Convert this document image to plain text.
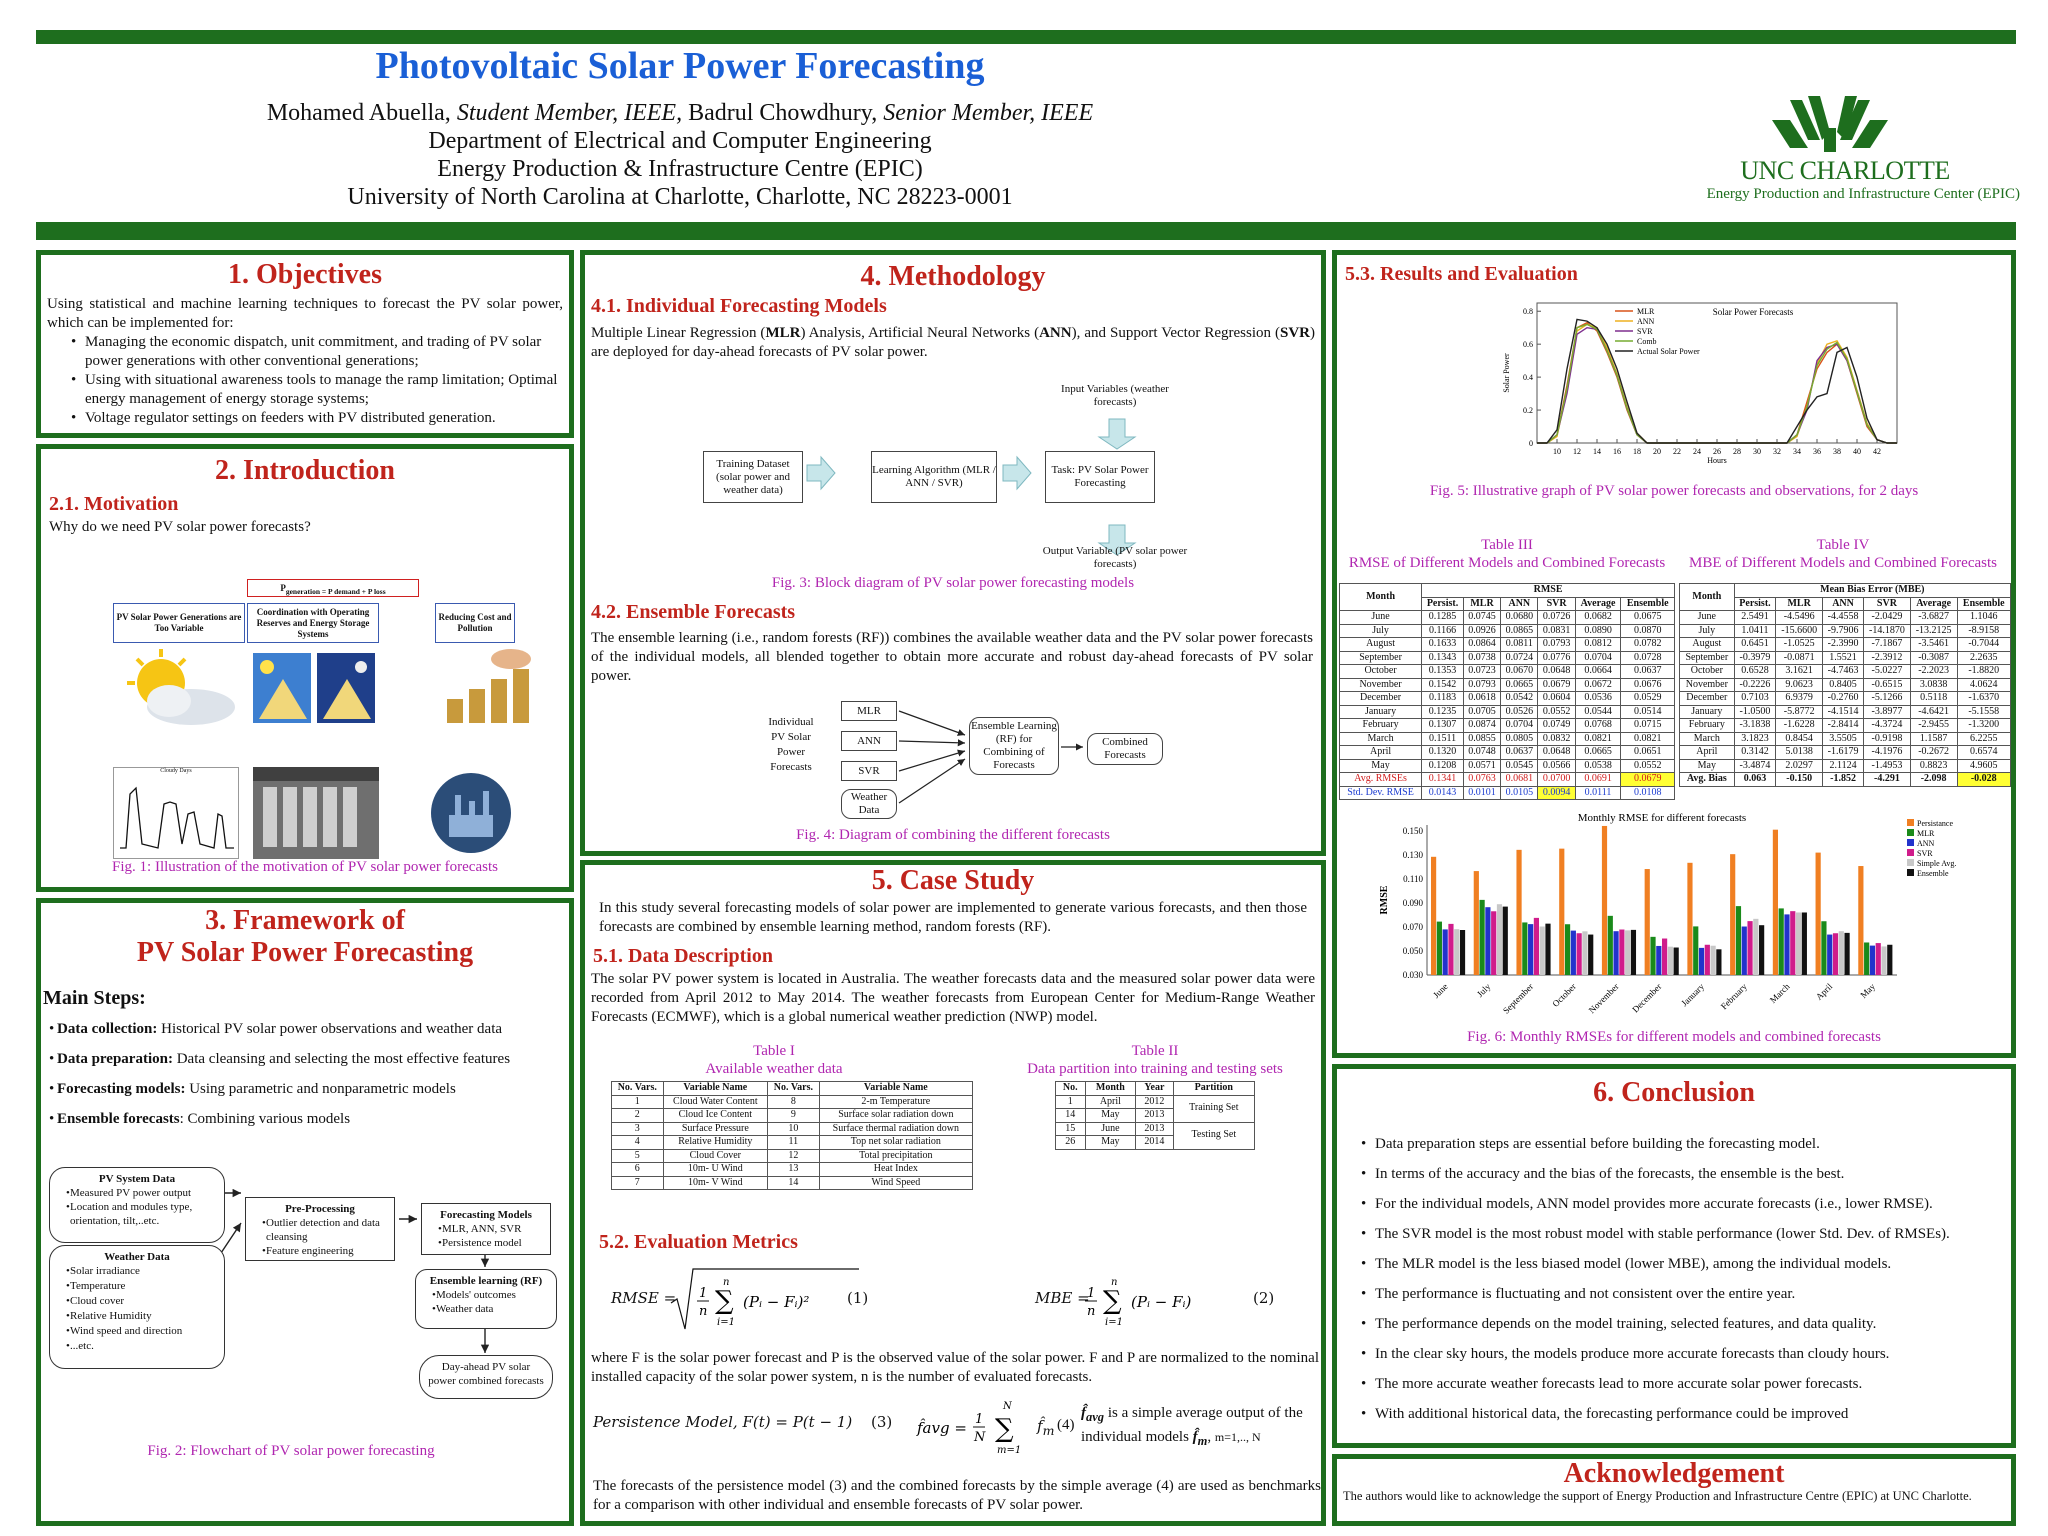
Photovoltaic Solar Power Forecasting
Mohamed Abuella, Student Member, IEEE, Badrul Chowdhury, Senior Member, IEEE
Department of Electrical and Computer Engineering
Energy Production & Infrastructure Centre (EPIC)
University of North Carolina at Charlotte, Charlotte, NC 28223-0001
UNC CHARLOTTE
Energy Production and Infrastructure Center (EPIC)
1. Objectives
Using statistical and machine learning techniques to forecast the PV solar power, which can be implemented for:
• Managing the economic dispatch, unit commitment, and trading of PV solar power generations with other conventional generations;
• Using with situational awareness tools to manage the ramp limitation; Optimal energy management of energy storage systems;
• Voltage regulator settings on feeders with PV distributed generation.
2. Introduction
2.1. Motivation
Why do we need PV solar power forecasts?
$P_{generation = P demand + P loss}$
PV Solar Power Generations are Too Variable
Coordination with Operating Reserves and Energy Storage Systems
Reducing Cost and Pollution
Cloudy Days
Fig. 1: Illustration of the motivation of PV solar power forecasts
3. Framework of
PV Solar Power Forecasting
Main Steps:
• Data collection: Historical PV solar power observations and weather data
• Data preparation: Data cleansing and selecting the most effective features
• Forecasting models: Using parametric and nonparametric models
• Ensemble forecasts: Combining various models
PV System Data
• Measured PV power output
• Location and modules type, orientation, tilt,..etc.
Weather Data
• Solar irradiance
• Temperature
• Cloud cover
• Relative Humidity
• Wind speed and direction
• ...etc.
Pre-Processing
• Outlier detection and data cleansing
• Feature engineering
Forecasting Models
• MLR, ANN, SVR
• Persistence model
Ensemble learning (RF)
• Models' outcomes
• Weather data
Day-ahead PV solar power combined forecasts
Fig. 2: Flowchart of PV solar power forecasting
4. Methodology
4.1. Individual Forecasting Models
Multiple Linear Regression (MLR) Analysis, Artificial Neural Networks (ANN), and Support Vector Regression (SVR) are deployed for day-ahead forecasts of PV solar power.
Input Variables (weather forecasts)
Training Dataset (solar power and weather data)
Learning Algorithm (MLR / ANN / SVR)
Task: PV Solar Power Forecasting
Output Variable (PV solar power forecasts)
Fig. 3: Block diagram of PV solar power forecasting models
4.2. Ensemble Forecasts
The ensemble learning (i.e., random forests (RF)) combines the available weather data and the PV solar power forecasts of the individual models, all blended together to obtain more accurate and robust day-ahead forecasts of PV solar power.
Individual PV Solar Power Forecasts
MLR
ANN
SVR
Weather Data
Ensemble Learning (RF) for Combining of Forecasts
Combined Forecasts
Fig. 4: Diagram of combining the different forecasts
5. Case Study
In this study several forecasting models of solar power are implemented to generate various forecasts, and then those forecasts are combined by ensemble learning method, random forests (RF).
5.1. Data Description
The solar PV power system is located in Australia. The weather forecasts data and the measured solar power data were recorded from April 2012 to May 2014. The weather forecasts from European Center for Medium-Range Weather Forecasts (ECMWF), which is a global numerical weather prediction (NWP) model.
Table I
Available weather data
No. Vars.	Variable Name	No. Vars.	Variable Name
1	Cloud Water Content	8	2-m Temperature
2	Cloud Ice Content	9	Surface solar radiation down
3	Surface Pressure	10	Surface thermal radiation down
4	Relative Humidity	11	Top net solar radiation
5	Cloud Cover	12	Total precipitation
6	10m- U Wind	13	Heat Index
7	10m- V Wind	14	Wind Speed
Table II
Data partition into training and testing sets
No.	Month	Year	Partition
1	April	2012	Training Set
14	May	2013	
15	June	2013	Testing Set
26	May	2014	
5.2. Evaluation Metrics
RMSE = 1
n
n
∑
i=1
(Pᵢ − Fᵢ)²	(1)	MBE =
1
n
n
∑
i=1
(Pᵢ − Fᵢ)	(2)
where F is the solar power forecast and P is the observed value of the solar power. F and P are normalized to the nominal installed capacity of the solar power system, n is the number of evaluated forecasts.
Persistence Model, F(t) = P(t − 1) (3) f̂avg = 1
N
N
∑
m=1
$f̂_m$ (4)
$f̂_{avg}$ is a simple average output of the individual models $f̂_m$, m=1,.., N
The forecasts of the persistence model (3) and the combined forecasts by the simple average (4) are used as benchmarks for a comparison with other individual and ensemble forecasts of PV solar power.
5.3. Results and Evaluation
0
0.2
0.4
0.6
0.8
10 12 14 16 18 20 22 24 26 28 30 32 34 36 38 40 42
Hours
Solar Power
Solar Power Forecasts
MLR
ANN
SVR
Comb
Actual Solar Power
Fig. 5: Illustrative graph of PV solar power forecasts and observations, for 2 days
Table III
RMSE of Different Models and Combined Forecasts
Table IV
MBE of Different Models and Combined Forecasts
Month	RMSE					
	Persist.	MLR	ANN	SVR	Average	Ensemble
June	0.1285	0.0745	0.0680	0.0726	0.0682	0.0675
July	0.1166	0.0926	0.0865	0.0831	0.0890	0.0870
August	0.1633	0.0864	0.0811	0.0793	0.0812	0.0782
September	0.1343	0.0738	0.0724	0.0776	0.0704	0.0728
October	0.1353	0.0723	0.0670	0.0648	0.0664	0.0637
November	0.1542	0.0793	0.0665	0.0679	0.0672	0.0676
December	0.1183	0.0618	0.0542	0.0604	0.0536	0.0529
January	0.1235	0.0705	0.0526	0.0552	0.0544	0.0514
February	0.1307	0.0874	0.0704	0.0749	0.0768	0.0715
March	0.1511	0.0855	0.0805	0.0832	0.0821	0.0821
April	0.1320	0.0748	0.0637	0.0648	0.0665	0.0651
May	0.1208	0.0571	0.0545	0.0566	0.0538	0.0552
Avg. RMSEs	0.1341	0.0763	0.0681	0.0700	0.0691	0.0679
Std. Dev. RMSE	0.0143	0.0101	0.0105	0.0094	0.0111	0.0108
Month	Mean Bias Error (MBE)					
	Persist.	MLR	ANN	SVR	Average	Ensemble
June	2.5491	-4.5496	-4.4558	-2.0429	-3.6827	1.1046
July	1.0411	-15.6600	-9.7906	-14.1870	-13.2125	-8.9158
August	0.6451	-1.0525	-2.3990	-7.1867	-3.5461	-0.7044
September	-0.3979	-0.0871	1.5521	-2.3912	-0.3087	2.2635
October	0.6528	3.1621	-4.7463	-5.0227	-2.2023	-1.8820
November	-0.2226	9.0623	0.8405	-0.6515	3.0838	4.0624
December	0.7103	6.9379	-0.2760	-5.1266	0.5118	-1.6370
January	-1.0500	-5.8772	-4.1514	-3.8977	-4.6421	-5.1558
February	-3.1838	-1.6228	-2.8414	-4.3724	-2.9455	-1.3200
March	3.1823	0.8454	3.5505	-0.9198	1.1587	6.2255
April	0.3142	5.0138	-1.6179	-4.1976	-0.2672	0.6574
May	-3.4874	2.0297	2.1124	-1.4953	0.8823	4.9605
Avg. Bias	0.063	-0.150	-1.852	-4.291	-2.098	-0.028
Monthly RMSE for different forecasts
0.030
0.050
0.070
0.090
0.110
0.130
0.150
RMSE
June	July September October November December January February March April	May
Persistance
MLR
ANN
SVR
Simple Avg.
Ensemble
Fig. 6: Monthly RMSEs for different models and combined forecasts
6. Conclusion
• Data preparation steps are essential before building the forecasting model.
• In terms of the accuracy and the bias of the forecasts, the ensemble is the best.
• For the individual models, ANN model provides more accurate forecasts (i.e., lower RMSE).
• The SVR model is the most robust model with stable performance (lower Std. Dev. of RMSEs).
• The MLR model is the less biased model (lower MBE), among the individual models.
• The performance is fluctuating and not consistent over the entire year.
• The performance depends on the model training, selected features, and data quality.
• In the clear sky hours, the models produce more accurate forecasts than cloudy hours.
• The more accurate weather forecasts lead to more accurate solar power forecasts.
• With additional historical data, the forecasting performance could be improved
Acknowledgement
The authors would like to acknowledge the support of Energy Production and Infrastructure Centre (EPIC) at UNC Charlotte.
